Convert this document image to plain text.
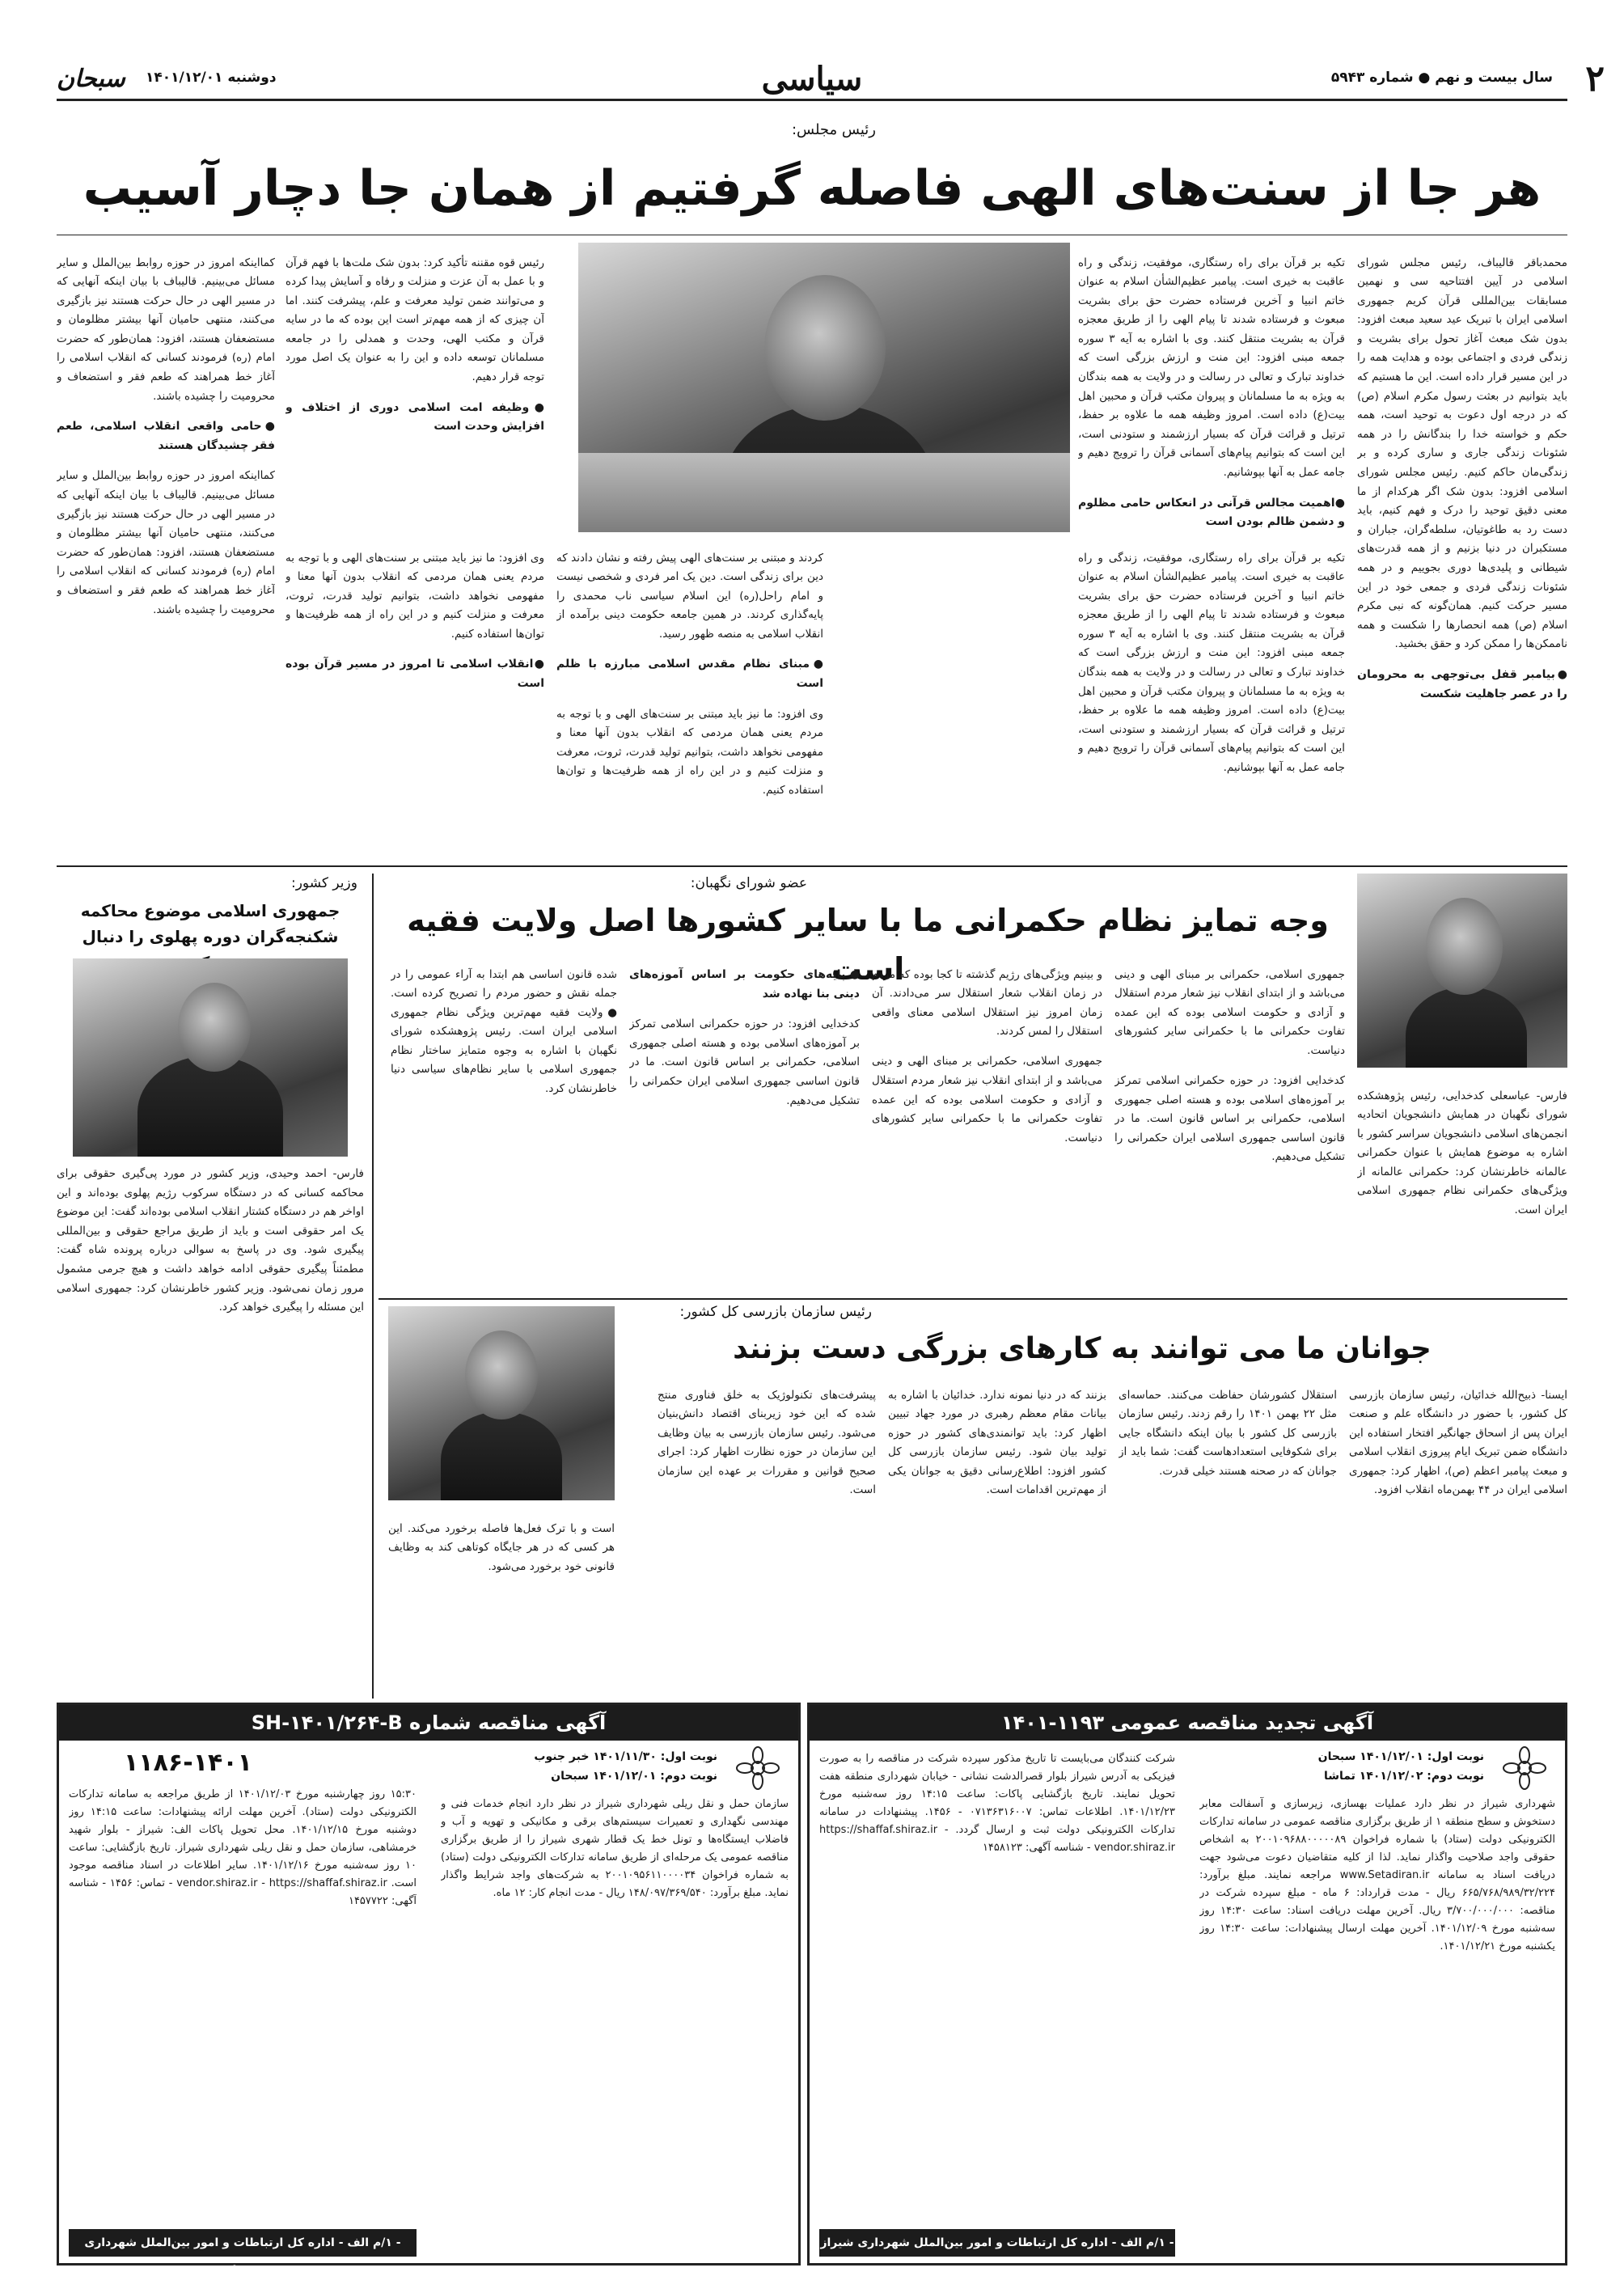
۲
سال بیست و نهم ● شماره ۵۹۴۳
سیاسی
دوشنبه ۱۴۰۱/۱۲/۰۱
سبحان
رئیس مجلس:
هر جا از سنت‌های الهی فاصله گرفتیم از همان جا دچار آسیب

محمدباقر قالیباف، رئیس مجلس شورای اسلامی در آیین افتتاحیه سی و نهمین مسابقات بین‌المللی قرآن کریم جمهوری اسلامی ایران با تبریک عید سعید مبعث افزود: بدون شک مبعث آغاز تحول برای بشریت و زندگی فردی و اجتماعی بوده و هدایت همه را در این مسیر قرار داده است. این ما هستیم که باید بتوانیم در بعثت رسول مکرم اسلام (ص) که در درجه اول دعوت به توحید است، همه حکم و خواسته خدا را بندگانش را در همه شئونات زندگی جاری و ساری کرده و بر زندگی‌مان حاکم کنیم. رئیس مجلس شورای اسلامی افزود: بدون شک اگر هرکدام از ما معنی دقیق توحید را درک و فهم کنیم، باید دست رد به طاغوتیان، سلطه‌گران، جباران و مستکبران در دنیا بزنیم و از همه قدرت‌های شیطانی و پلیدی‌ها دوری بجوییم و در همه شئونات زندگی فردی و جمعی خود در این مسیر حرکت کنیم. همان‌گونه که نبی مکرم اسلام (ص) همه انحصارها را شکست و همه ناممکن‌ها را ممکن کرد و حقق بخشید.

●بیامبر قفل بی‌توجهی به محرومان را در عصر جاهلیت شکست

تکیه بر قرآن برای راه رستگاری، موفقیت، زندگی و راه عاقبت به خیری است. پیامبر عظیم‌الشأن اسلام به عنوان خاتم انبیا و آخرین فرستاده حضرت حق برای بشریت مبعوث و فرستاده شدند تا پیام الهی را از طریق معجزه قرآن به بشریت منتقل کنند. وی با اشاره به آیه ۳ سوره جمعه مبنی افزود: این منت و ارزش بزرگی است که خداوند تبارک و تعالی در رسالت و در ولایت به همه بندگان به ویژه به ما مسلمانان و پیروان مکتب قرآن و محبین اهل بیت(ع) داده است. امروز وظیفه همه ما علاوه بر حفظ، ترتیل و قرائت قرآن که بسیار ارزشمند و ستودنی است، این است که بتوانیم پیام‌های آسمانی قرآن را ترویج دهیم و جامه عمل به آنها بپوشانیم.

●اهمیت مجالس قرآنی در انعکاس حامی مظلوم و دشمن ظالم بودن است

تکیه بر قرآن برای راه رستگاری، موفقیت، زندگی و راه عاقبت به خیری است. پیامبر عظیم‌الشأن اسلام به عنوان خاتم انبیا و آخرین فرستاده حضرت حق برای بشریت مبعوث و فرستاده شدند تا پیام الهی را از طریق معجزه قرآن به بشریت منتقل کنند. وی با اشاره به آیه ۳ سوره جمعه مبنی افزود: این منت و ارزش بزرگی است که خداوند تبارک و تعالی در رسالت و در ولایت به همه بندگان به ویژه به ما مسلمانان و پیروان مکتب قرآن و محبین اهل بیت(ع) داده است. امروز وظیفه همه ما علاوه بر حفظ، ترتیل و قرائت قرآن که بسیار ارزشمند و ستودنی است، این است که بتوانیم پیام‌های آسمانی قرآن را ترویج دهیم و جامه عمل به آنها بپوشانیم.

کردند و مبتنی بر سنت‌های الهی پیش رفته و نشان دادند که دین برای زندگی است. دین یک امر فردی و شخصی نیست و امام راحل(ره) این اسلام سیاسی ناب محمدی را پایه‌گذاری کردند. در همین جامعه حکومت دینی برآمده از انقلاب اسلامی به منصه ظهور رسید.

●مبنای نظام مقدس اسلامی مبارزه با ظلم است

وی افزود: ما نیز باید مبتنی بر سنت‌های الهی و با توجه به مردم یعنی همان مردمی که انقلاب بدون آنها معنا و مفهومی نخواهد داشت، بتوانیم تولید قدرت، ثروت، معرفت و منزلت کنیم و در این راه از همه ظرفیت‌ها و توان‌ها استفاده کنیم.

وی افزود: ما نیز باید مبتنی بر سنت‌های الهی و با توجه به مردم یعنی همان مردمی که انقلاب بدون آنها معنا و مفهومی نخواهد داشت، بتوانیم تولید قدرت، ثروت، معرفت و منزلت کنیم و در این راه از همه ظرفیت‌ها و توان‌ها استفاده کنیم.

●انقلاب اسلامی تا امروز در مسیر قرآن بوده است

رئیس قوه مقننه تأکید کرد: بدون شک ملت‌ها با فهم قرآن و با عمل به آن عزت و منزلت و رفاه و آسایش پیدا کرده و می‌توانند ضمن تولید معرفت و علم، پیشرفت کنند. اما آن چیزی که از همه مهم‌تر است این بوده که ما در سایه قرآن و مکتب الهی، وحدت و همدلی را در جامعه مسلمانان توسعه داده و این را به عنوان یک اصل مورد توجه قرار دهیم.

●وظیفه امت اسلامی دوری از اختلاف و افزایش وحدت است

کمااینکه امروز در حوزه روابط بین‌الملل و سایر مسائل می‌بینیم. قالیباف با بیان اینکه آنهایی که در مسیر الهی در حال حرکت هستند نیز بازگیری می‌کنند، منتهی حامیان آنها بیشتر مظلومان و مستضعفان هستند، افزود: همان‌طور که حضرت امام (ره) فرمودند کسانی که انقلاب اسلامی را آغاز خط همراهند که طعم فقر و استضعاف و محرومیت را چشیده باشند.

●حامی واقعی انقلاب اسلامی، طعم فقر چشیدگان هستند

کمااینکه امروز در حوزه روابط بین‌الملل و سایر مسائل می‌بینیم. قالیباف با بیان اینکه آنهایی که در مسیر الهی در حال حرکت هستند نیز بازگیری می‌کنند، منتهی حامیان آنها بیشتر مظلومان و مستضعفان هستند، افزود: همان‌طور که حضرت امام (ره) فرمودند کسانی که انقلاب اسلامی را آغاز خط همراهند که طعم فقر و استضعاف و محرومیت را چشیده باشند.

عضو شورای نگهبان:
وجه تمایز نظام حکمرانی ما با سایر کشورها اصل ولایت فقیه است

فارس- عباسعلی کدخدایی، رئیس پژوهشکده شورای نگهبان در همایش دانشجویان اتحادیه انجمن‌های اسلامی دانشجویان سراسر کشور با اشاره به موضوع همایش با عنوان حکمرانی عالمانه خاطرنشان کرد: حکمرانی عالمانه از ویژگی‌های حکمرانی نظام جمهوری اسلامی ایران است.

جمهوری اسلامی، حکمرانی بر مبنای الهی و دینی می‌باشد و از ابتدای انقلاب نیز شعار مردم استقلال و آزادی و حکومت اسلامی بوده که این عمده تفاوت حکمرانی ما با حکمرانی سایر کشورهای دنیاست.

کدخدایی افزود: در حوزه حکمرانی اسلامی تمرکز بر آموزه‌های اسلامی بوده و هسته اصلی جمهوری اسلامی، حکمرانی بر اساس قانون است. ما در قانون اساسی جمهوری اسلامی ایران حکمرانی را تشکیل می‌دهیم.

و بینیم ویژگی‌های رژیم گذشته تا کجا بوده که مردم در زمان انقلاب شعار استقلال سر می‌دادند. آن زمان امروز نیز استقلال اسلامی معنای واقعی استقلال را لمس کردند.

جمهوری اسلامی، حکمرانی بر مبنای الهی و دینی می‌باشد و از ابتدای انقلاب نیز شعار مردم استقلال و آزادی و حکومت اسلامی بوده که این عمده تفاوت حکمرانی ما با حکمرانی سایر کشورهای دنیاست.

●پایه‌های حکومت بر اساس آموزه‌های دینی بنا نهاده شد

کدخدایی افزود: در حوزه حکمرانی اسلامی تمرکز بر آموزه‌های اسلامی بوده و هسته اصلی جمهوری اسلامی، حکمرانی بر اساس قانون است. ما در قانون اساسی جمهوری اسلامی ایران حکمرانی را تشکیل می‌دهیم.

شده قانون اساسی هم ابتدا به آراء عمومی را در جمله نقش و حضور مردم را تصریح کرده است. ●ولایت فقیه مهم‌ترین ویژگی نظام جمهوری اسلامی ایران است. رئیس پژوهشکده شورای نگهبان با اشاره به وجوه متمایز ساختار نظام جمهوری اسلامی با سایر نظام‌های سیاسی دنیا خاطرنشان کرد.

وزیر کشور:
جمهوری اسلامی موضوع محاکمه شکنجه‌گران دوره پهلوی را دنبال
فارس- احمد وحیدی، وزیر کشور در مورد پی‌گیری حقوقی برای محاکمه کسانی که در دستگاه سرکوب رژیم پهلوی بوده‌اند و این اواخر هم در دستگاه کشتار انقلاب اسلامی بوده‌اند گفت: این موضوع یک امر حقوقی است و باید از طریق مراجع حقوقی و بین‌المللی پیگیری شود. وی در پاسخ به سوالی درباره پرونده شاه گفت: مطمئناً پیگیری حقوقی ادامه خواهد داشت و هیچ جرمی مشمول مرور زمان نمی‌شود. وزیر کشور خاطرنشان کرد: جمهوری اسلامی این مسئله را پیگیری خواهد کرد.	رئیس سازمان بازرسی کل کشور:
جوانان ما می توانند به کارهای بزرگی دست بزنند

ایسنا- ذبیح‌الله خدائیان، رئیس سازمان بازرسی کل کشور، با حضور در دانشگاه علم و صنعت ایران پس از اسحاق جهانگیر افتخار استفاده این دانشگاه ضمن تبریک ایام پیروزی انقلاب اسلامی و مبعث پیامبر اعظم (ص)، اظهار کرد: جمهوری اسلامی ایران در ۴۴ بهمن‌ماه انقلاب افزود.

استقلال کشورشان حفاظت می‌کنند. حماسه‌ای مثل ۲۲ بهمن ۱۴۰۱ را رقم زدند. رئیس سازمان بازرسی کل کشور با بیان اینکه دانشگاه جایی برای شکوفایی استعدادهاست گفت: شما باید از جوانان که در صحنه هستند خیلی قدرت.

بزنند که در دنیا نمونه ندارد. خدائیان با اشاره به بیانات مقام معظم رهبری در مورد جهاد تبیین اظهار کرد: باید توانمندی‌های کشور در حوزه تولید بیان شود. رئیس سازمان بازرسی کل کشور افزود: اطلاع‌رسانی دقیق به جوانان یکی از مهم‌ترین اقدامات است.

پیشرفت‌های تکنولوژیک به خلق فناوری منتج شده که این خود زیربنای اقتصاد دانش‌بنیان می‌شود. رئیس سازمان بازرسی به بیان وظایف این سازمان در حوزه نظارت اظهار کرد: اجرای صحیح قوانین و مقررات بر عهده این سازمان است.

است و با ترک فعل‌ها فاصله برخورد می‌کند. این هر کسی که در هر جایگاه کوتاهی کند به وظایف قانونی خود برخورد می‌شود.

آگهی تجدید مناقصه عمومی ۱۱۹۳-۱۴۰۱
نوبت اول: ۱۴۰۱/۱۲/۰۱ سبحان
نوبت دوم: ۱۴۰۱/۱۲/۰۲ تماشا
شهرداری شیراز در نظر دارد عملیات بهسازی، زیرسازی و آسفالت معابر دستخوش و سطح منطقه ۱ از طریق برگزاری مناقصه عمومی در سامانه تدارکات الکترونیکی دولت (ستاد) با شماره فراخوان ۲۰۰۱۰۹۶۸۸۰۰۰۰۰۸۹ به اشخاص حقوقی واجد صلاحیت واگذار نماید. لذا از کلیه متقاضیان دعوت می‌شود جهت دریافت اسناد به سامانه www.Setadiran.ir مراجعه نمایند. مبلغ برآورد: ۶۶۵/۷۶۸/۹۸۹/۳۲/۲۲۴ ریال - مدت قرارداد: ۶ ماه - مبلغ سپرده شرکت در مناقصه: ۳/۷۰۰/۰۰۰/۰۰۰ ریال. آخرین مهلت دریافت اسناد: ساعت ۱۴:۳۰ روز سه‌شنبه مورخ ۱۴۰۱/۱۲/۰۹. آخرین مهلت ارسال پیشنهادات: ساعت ۱۴:۳۰ روز یکشنبه مورخ ۱۴۰۱/۱۲/۲۱.
شرکت کنندگان می‌بایست تا تاریخ مذکور سپرده شرکت در مناقصه را به صورت فیزیکی به آدرس شیراز بلوار قصرالدشت نشانی - خیابان شهرداری منطقه هفت تحویل نمایند. تاریخ بازگشایی پاکات: ساعت ۱۴:۱۵ روز سه‌شنبه مورخ ۱۴۰۱/۱۲/۲۳. اطلاعات تماس: ۰۷۱۳۶۳۱۶۰۰۷ - ۱۴۵۶. پیشنهادات در سامانه تدارکات الکترونیکی دولت ثبت و ارسال گردد. https://shaffaf.shiraz.ir - vendor.shiraz.ir - شناسه آگهی: ۱۴۵۸۱۲۳
- ۱/م الف - اداره کل ارتباطات و امور بین‌الملل شهرداری شیراز
آگهی مناقصه شماره SH-۱۴۰۱/۲۶۴-B
۱۱۸۶-۱۴۰۱	نوبت اول: ۱۴۰۱/۱۱/۳۰ خبر جنوب
نوبت دوم: ۱۴۰۱/۱۲/۰۱ سبحان
سازمان حمل و نقل ریلی شهرداری شیراز در نظر دارد انجام خدمات فنی و مهندسی نگهداری و تعمیرات سیستم‌های برقی و مکانیکی و تهویه و آب و فاضلاب ایستگاه‌ها و تونل خط یک قطار شهری شیراز را از طریق برگزاری مناقصه عمومی یک مرحله‌ای از طریق سامانه تدارکات الکترونیکی دولت (ستاد) به شماره فراخوان ۲۰۰۱۰۹۵۶۱۱۰۰۰۰۳۴ به شرکت‌های واجد شرایط واگذار نماید. مبلغ برآورد: ۱۴۸/۰۹۷/۳۶۹/۵۴۰ ریال - مدت انجام کار: ۱۲ ماه.
۱۵:۳۰ روز چهارشنبه مورخ ۱۴۰۱/۱۲/۰۳ از طریق مراجعه به سامانه تدارکات الکترونیکی دولت (ستاد). آخرین مهلت ارائه پیشنهادات: ساعت ۱۴:۱۵ روز دوشنبه مورخ ۱۴۰۱/۱۲/۱۵. محل تحویل پاکات الف: شیراز - بلوار شهید خرمشاهی، سازمان حمل و نقل ریلی شهرداری شیراز. تاریخ بازگشایی: ساعت ۱۰ روز سه‌شنبه مورخ ۱۴۰۱/۱۲/۱۶. سایر اطلاعات در اسناد مناقصه موجود است. vendor.shiraz.ir - https://shaffaf.shiraz.ir - تماس: ۱۴۵۶ - شناسه آگهی: ۱۴۵۷۷۲۲
- ۱/م الف - اداره کل ارتباطات و امور بین‌الملل شهرداری شیراز
